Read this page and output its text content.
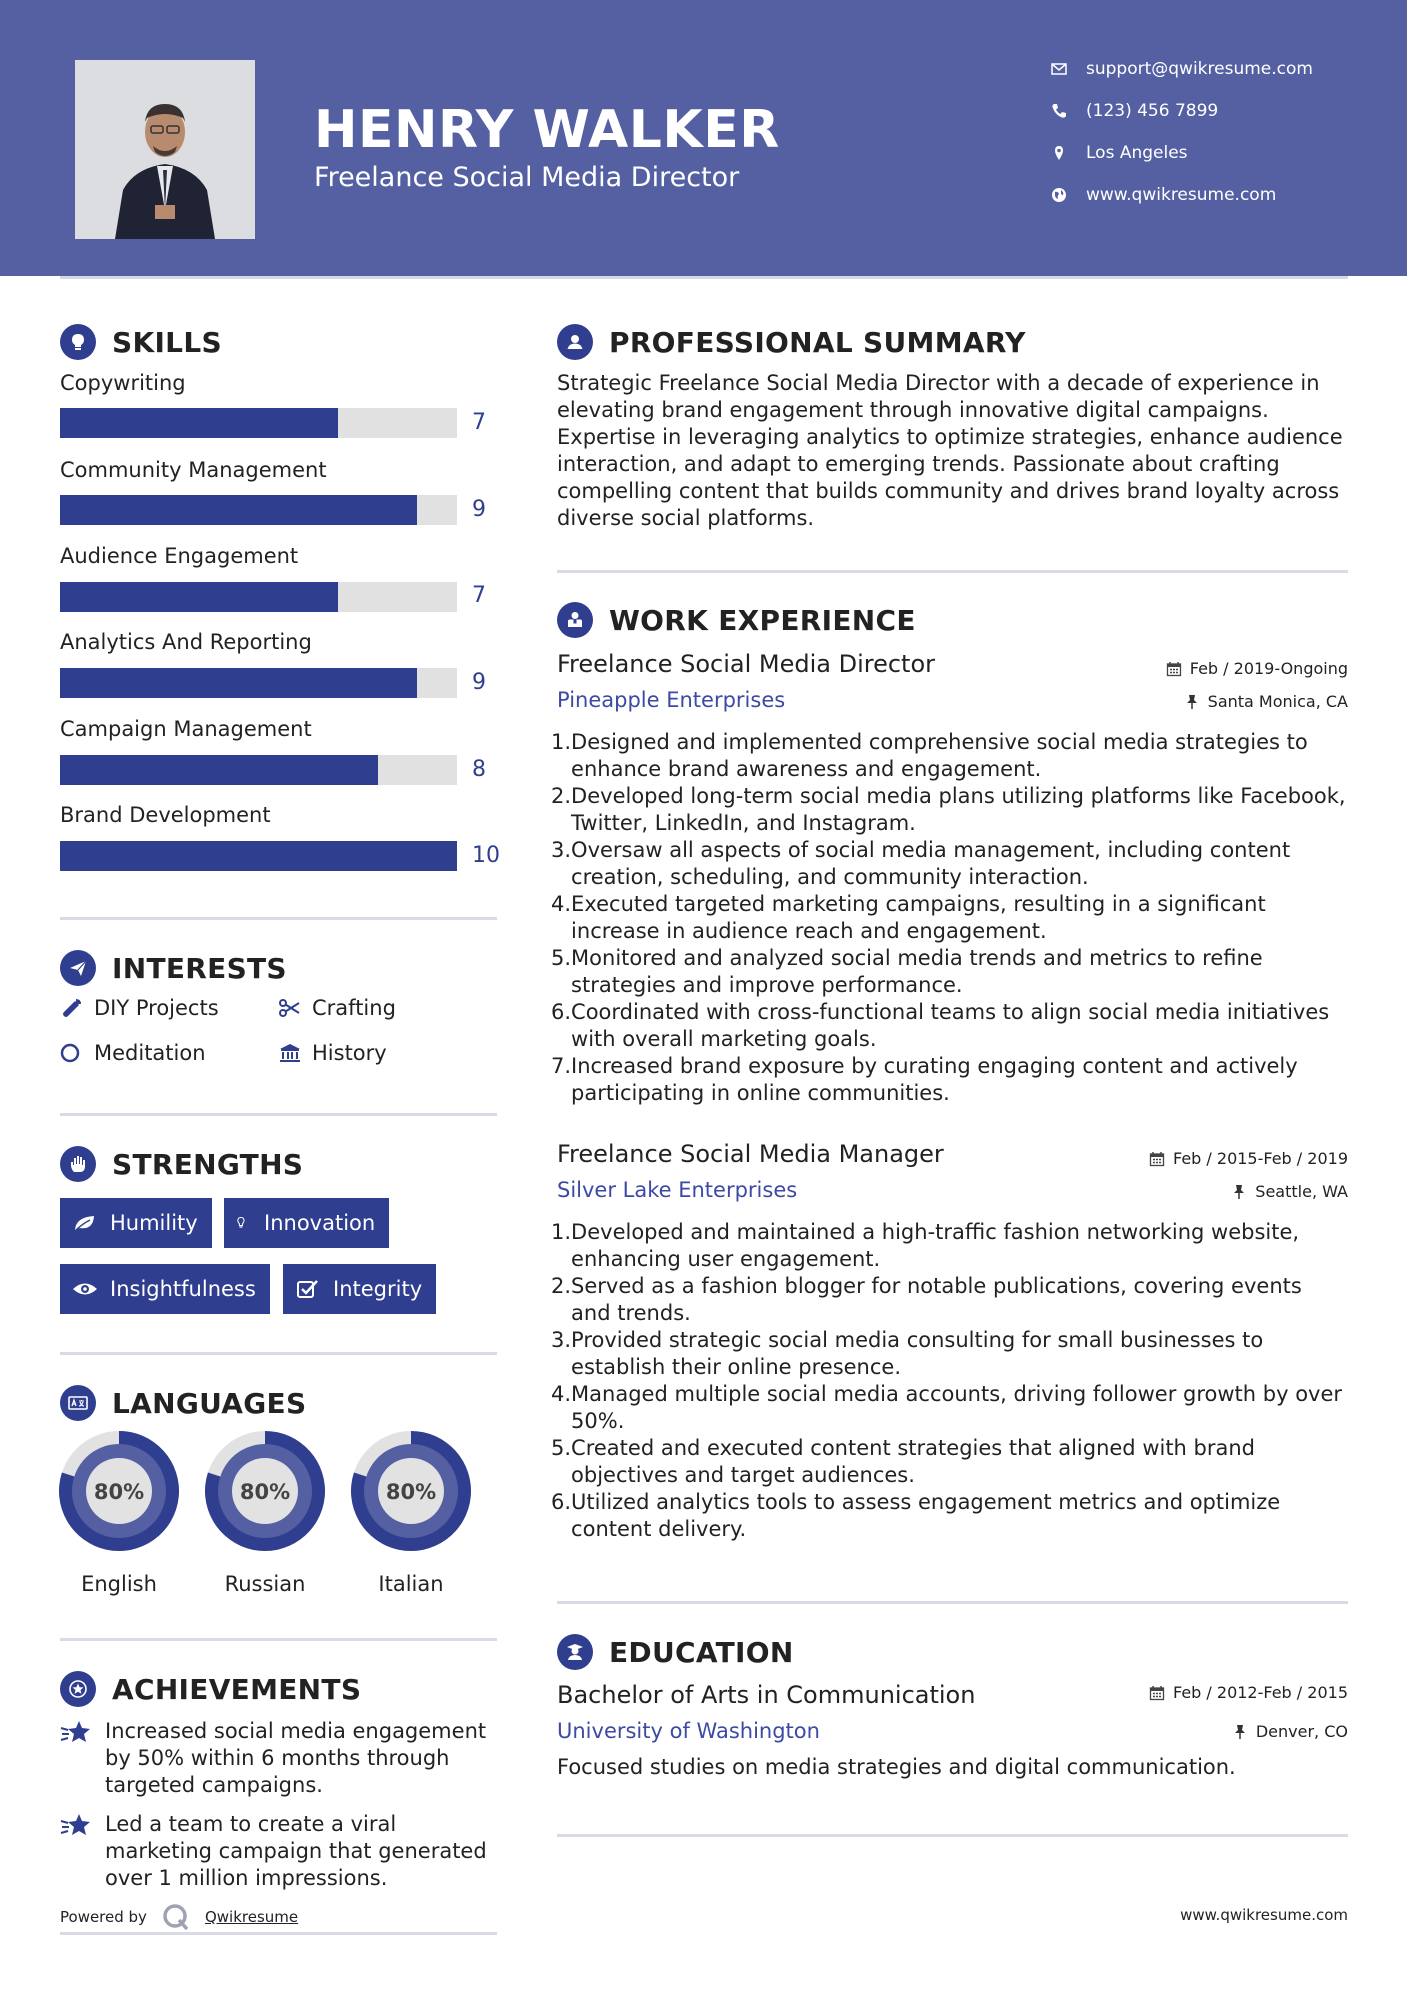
HENRY WALKER
Freelance Social Media Director
support@qwikresume.com
(123) 456 7899
Los Angeles
www.qwikresume.com
SKILLS
Copywriting
7
Community Management
9
Audience Engagement
7
Analytics And Reporting
9
Campaign Management
8
Brand Development
10
INTERESTS
DIY Projects	Crafting
Meditation	History
STRENGTHS
Humility	Innovation
Insightfulness	Integrity
LANGUAGES
80%
English
80%
Russian
80%
Italian
ACHIEVEMENTS
Increased social media engagement by 50% within 6 months through targeted campaigns.
Led a team to create a viral marketing campaign that generated over 1 million impressions.
Powered by	Qwikresume	www.qwikresume.com
PROFESSIONAL SUMMARY
Strategic Freelance Social Media Director with a decade of experience in elevating brand engagement through innovative digital campaigns. Expertise in leveraging analytics to optimize strategies, enhance audience interaction, and adapt to emerging trends. Passionate about crafting compelling content that builds community and drives brand loyalty across diverse social platforms.
WORK EXPERIENCE
Freelance Social Media Director	Feb / 2019-Ongoing
Pineapple Enterprises	Santa Monica, CA
1. Designed and implemented comprehensive social media strategies to enhance brand awareness and engagement.
2. Developed long-term social media plans utilizing platforms like Facebook, Twitter, LinkedIn, and Instagram.
3. Oversaw all aspects of social media management, including content creation, scheduling, and community interaction.
4. Executed targeted marketing campaigns, resulting in a significant increase in audience reach and engagement.
5. Monitored and analyzed social media trends and metrics to refine strategies and improve performance.
6. Coordinated with cross-functional teams to align social media initiatives with overall marketing goals.
7. Increased brand exposure by curating engaging content and actively participating in online communities.
Freelance Social Media Manager	Feb / 2015-Feb / 2019
Silver Lake Enterprises	Seattle, WA
1. Developed and maintained a high-traffic fashion networking website, enhancing user engagement.
2. Served as a fashion blogger for notable publications, covering events and trends.
3. Provided strategic social media consulting for small businesses to establish their online presence.
4. Managed multiple social media accounts, driving follower growth by over 50%.
5. Created and executed content strategies that aligned with brand objectives and target audiences.
6. Utilized analytics tools to assess engagement metrics and optimize content delivery.
EDUCATION
Bachelor of Arts in Communication	Feb / 2012-Feb / 2015
University of Washington	Denver, CO
Focused studies on media strategies and digital communication.
